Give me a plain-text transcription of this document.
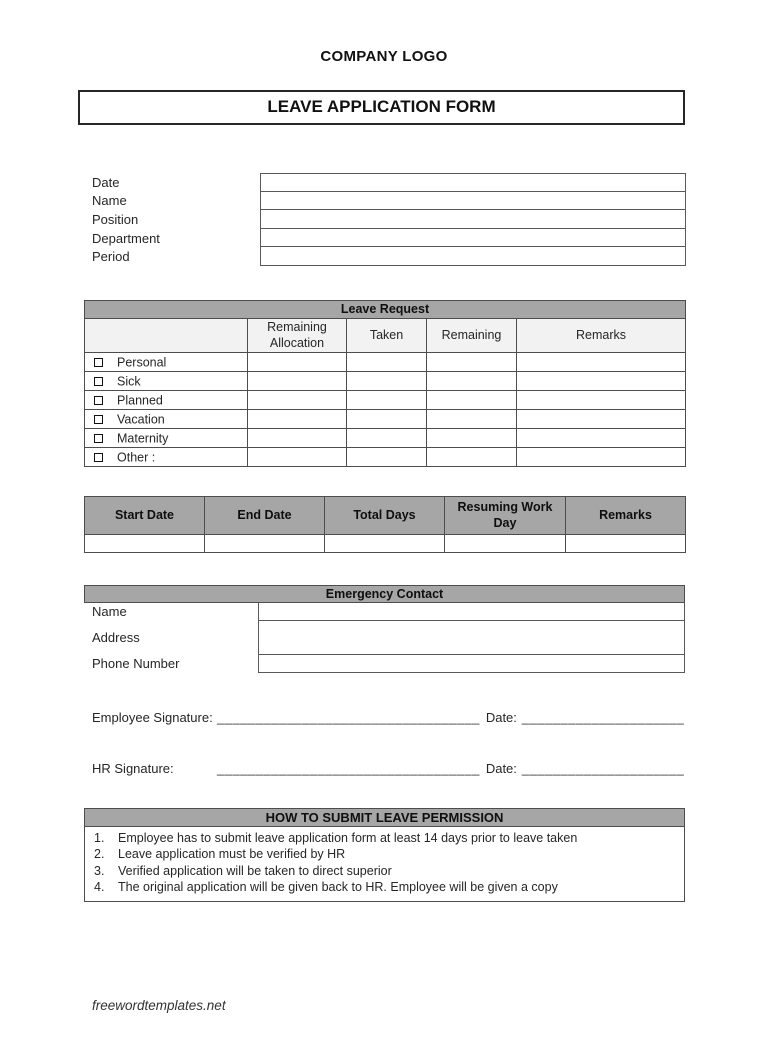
COMPANY LOGO
LEAVE APPLICATION FORM
Date
Name
Position
Department
Period
Leave Request				
	Remaining Allocation	Taken	Remaining	Remarks
Personal				
Sick				
Planned				
Vacation				
Maternity				
Other :				
Start Date	End Date	Total Days	Resuming Work Day	Remarks

Emergency Contact
Name
Address
Phone Number
Employee Signature: __________________________________ Date: _____________________
HR Signature:	__________________________________ Date: _____________________
HOW TO SUBMIT LEAVE PERMISSION
1.	Employee has to submit leave application form at least 14 days prior to leave taken
2.	Leave application must be verified by HR
3.	Verified application will be taken to direct superior
4.	The original application will be given back to HR. Employee will be given a copy
freewordtemplates.net
